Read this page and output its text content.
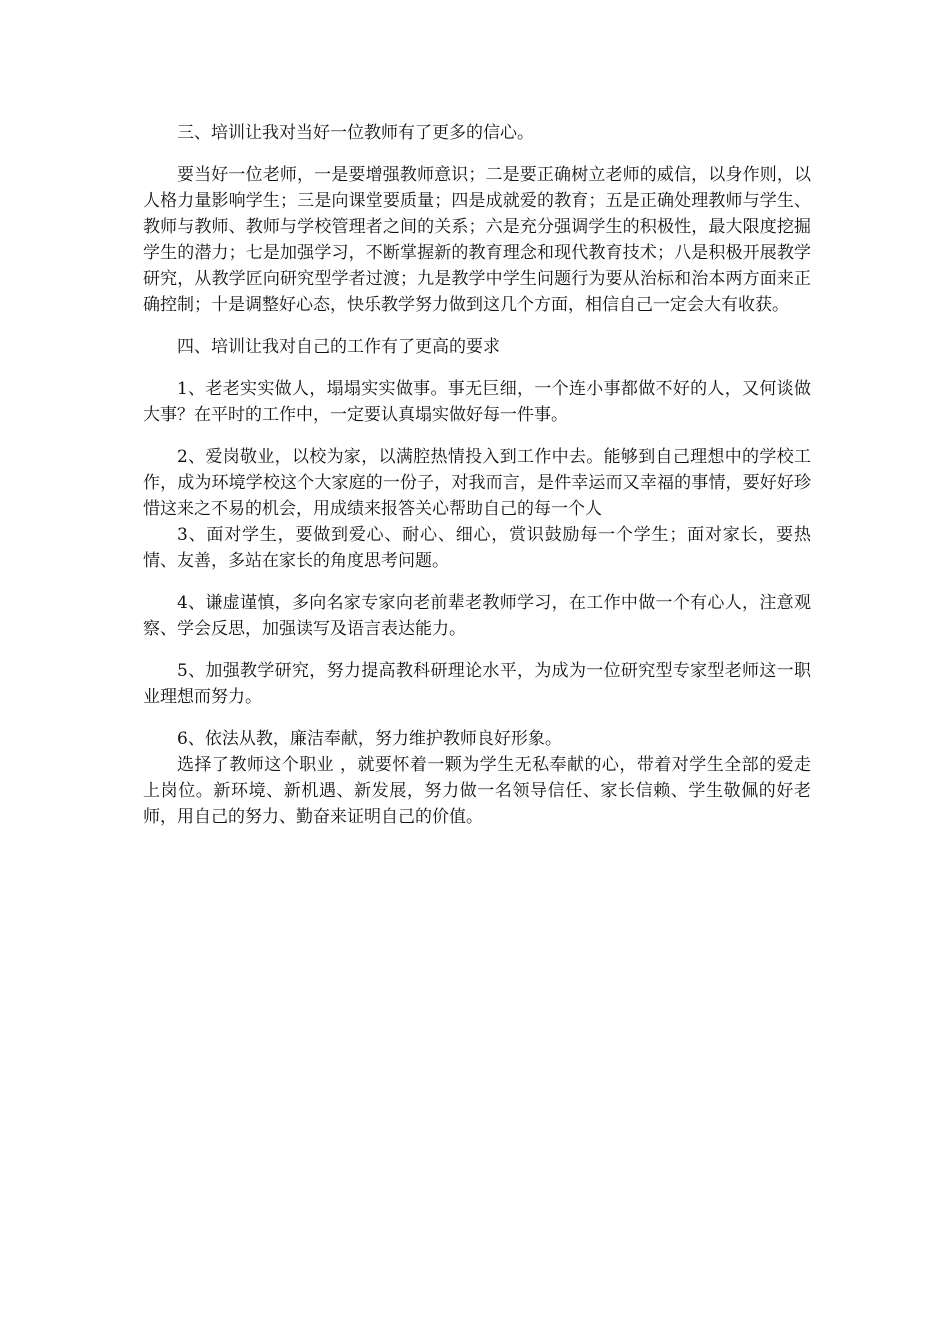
三、培训让我对当好一位教师有了更多的信心。

要当好一位老师，一是要增强教师意识；二是要正确树立老师的威信，以身作则，以人格力量影响学生；三是向课堂要质量；四是成就爱的教育；五是正确处理教师与学生、教师与教师、教师与学校管理者之间的关系；六是充分强调学生的积极性，最大限度挖掘学生的潜力；七是加强学习，不断掌握新的教育理念和现代教育技术；八是积极开展教学研究，从教学匠向研究型学者过渡；九是教学中学生问题行为要从治标和治本两方面来正确控制；十是调整好心态，快乐教学努力做到这几个方面，相信自己一定会大有收获。

四、培训让我对自己的工作有了更高的要求

1、老老实实做人，塌塌实实做事。事无巨细，一个连小事都做不好的人，又何谈做大事？在平时的工作中，一定要认真塌实做好每一件事。

2、爱岗敬业，以校为家，以满腔热情投入到工作中去。能够到自己理想中的学校工作，成为环境学校这个大家庭的一份子，对我而言，是件幸运而又幸福的事情，要好好珍惜这来之不易的机会，用成绩来报答关心帮助自己的每一个人

3、面对学生，要做到爱心、耐心、细心，赏识鼓励每一个学生；面对家长，要热情、友善，多站在家长的角度思考问题。

4、谦虚谨慎，多向名家专家向老前辈老教师学习，在工作中做一个有心人，注意观察、学会反思，加强读写及语言表达能力。

5、加强教学研究，努力提高教科研理论水平，为成为一位研究型专家型老师这一职业理想而努力。

6、依法从教，廉洁奉献，努力维护教师良好形象。

选择了教师这个职业 ，就要怀着一颗为学生无私奉献的心，带着对学生全部的爱走上岗位。新环境、新机遇、新发展，努力做一名领导信任、家长信赖、学生敬佩的好老师，用自己的努力、勤奋来证明自己的价值。
